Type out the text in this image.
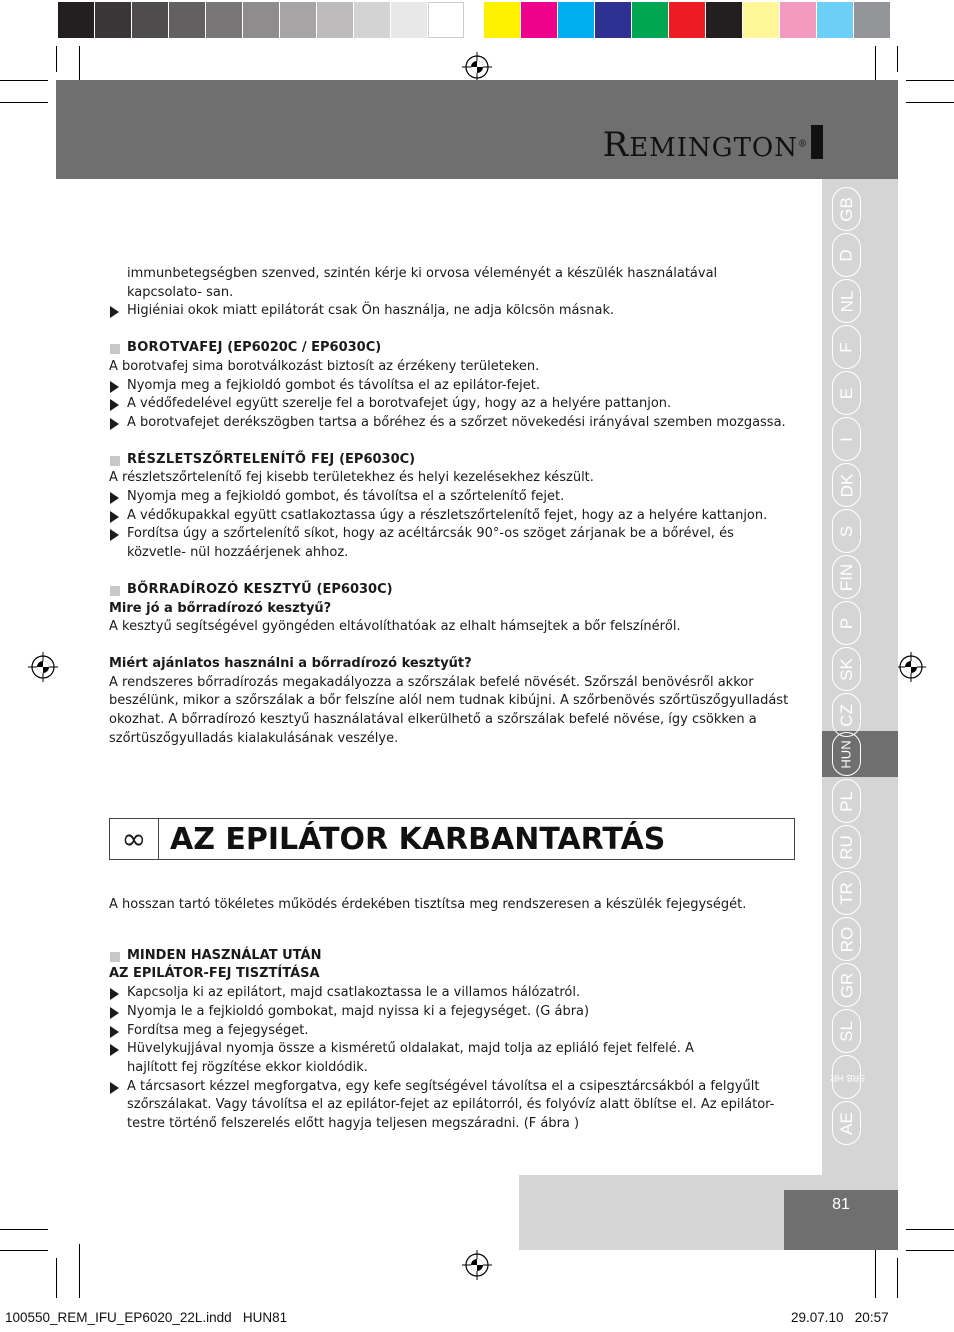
REMINGTON®
GB
D
NL
F
E
I
DK
S
FIN
P
SK
CZ
HUN
PL
RU
TR
RO
GR
SL
HR SRB
AE
81

immunbetegségben szenved, szintén kérje ki orvosa véleményét a készülék használatával kapcsolato- san.

Higiéniai okok miatt epilátorát csak Ön használja, ne adja kölcsön másnak.

BOROTVAFEJ (EP6020C / EP6030C)

A borotvafej sima borotválkozást biztosít az érzékeny területeken.

Nyomja meg a fejkioldó gombot és távolítsa el az epilátor-fejet.

A védőfedelével együtt szerelje fel a borotvafejet úgy, hogy az a helyére pattanjon.

A borotvafejet derékszögben tartsa a bőréhez és a szőrzet növekedési irányával szemben mozgassa.

RÉSZLETSZŐRTELENÍTŐ FEJ (EP6030C)

A részletszőrtelenítő fej kisebb területekhez és helyi kezelésekhez készült.

Nyomja meg a fejkioldó gombot, és távolítsa el a szőrtelenítő fejet.

A védőkupakkal együtt csatlakoztassa úgy a részletszőrtelenítő fejet, hogy az a helyére kattanjon.

Fordítsa úgy a szőrtelenítő síkot, hogy az acéltárcsák 90°-os szöget zárjanak be a bőrével, és közvetle- nül hozzáérjenek ahhoz.

BŐRRADÍROZÓ KESZTYŰ (EP6030C)

Mire jó a bőrradírozó kesztyű?

A kesztyű segítségével gyöngéden eltávolíthatóak az elhalt hámsejtek a bőr felszínéről.

Miért ajánlatos használni a bőrradírozó kesztyűt?

A rendszeres bőrradírozás megakadályozza a szőrszálak befelé növését. Szőrszál benövésről akkor beszélünk, mikor a szőrszálak a bőr felszíne alól nem tudnak kibújni. A szőrbenövés szőrtüszőgyulladást okozhat. A bőrradírozó kesztyű használatával elkerülhető a szőrszálak befelé növése, így csökken a szőrtüszőgyulladás kialakulásának veszélye.

∞ AZ EPILÁTOR KARBANTARTÁS

A hosszan tartó tökéletes működés érdekében tisztítsa meg rendszeresen a készülék fejegységét.

MINDEN HASZNÁLAT UTÁN

AZ EPILÁTOR-FEJ TISZTÍTÁSA

Kapcsolja ki az epilátort, majd csatlakoztassa le a villamos hálózatról.

Nyomja le a fejkioldó gombokat, majd nyissa ki a fejegységet. (G ábra)

Fordítsa meg a fejegységet.

Hüvelykujjával nyomja össze a kisméretű oldalakat, majd tolja az epliáló fejet felfelé. A hajlított fej rögzítése ekkor kioldódik.

A tárcsasort kézzel megforgatva, egy kefe segítségével távolítsa el a csipesztárcsákból a felgyűlt szőrszálakat. Vagy távolítsa el az epilátor-fejet az epilátorról, és folyóvíz alatt öblítse el. Az epilátor- testre történő felszerelés előtt hagyja teljesen megszáradni. (F ábra )

100550_REM_IFU_EP6020_22L.indd   HUN81	29.07.10   20:57
